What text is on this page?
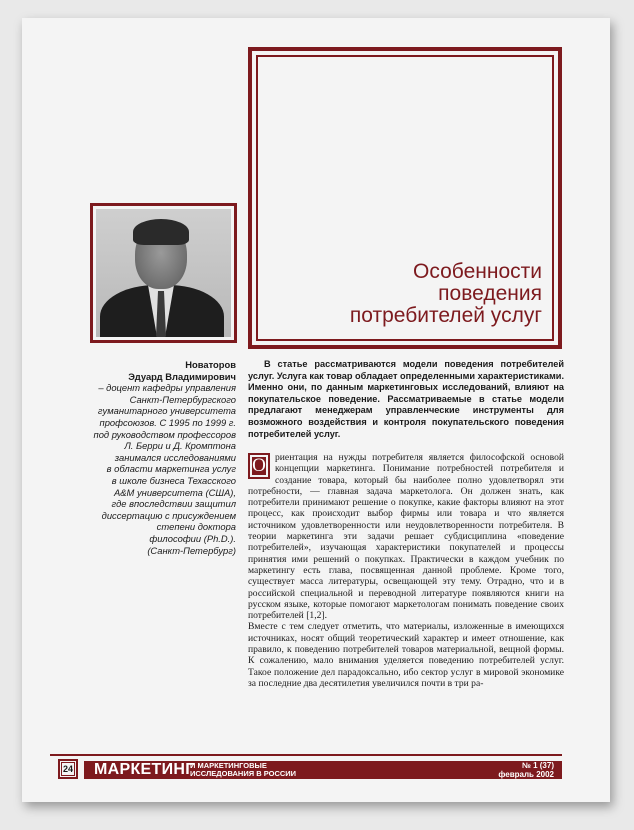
Особенности
поведения
потребителей услуг
Новаторов
Эдуард Владимирович
– доцент кафедры управления
Санкт-Петербургского
гуманитарного университета
профсоюзов. С 1995 по 1999 г.
под руководством профессоров
Л. Берри и Д. Кромптона
занимался исследованиями
в области маркетинга услуг
в школе бизнеса Техасского
A&M университета (США),
где впоследствии защитил
диссертацию с присуждением
степени доктора
философии (Ph.D.).
(Санкт-Петербург)

В статье рассматриваются модели поведения потребителей услуг. Услуга как товар обладает определенными характеристиками. Именно они, по данным маркетинговых исследований, влияют на покупательское поведение. Рассматриваемые в статье модели предлагают менеджерам управленческие инструменты для возможного воздействия и контроля покупательского поведения потребителей услуг.

О риентация на нужды потребителя является философской основой концепции маркетинга. Понимание потребностей потребителя и создание товара, который бы наиболее полно удовлетворял эти потребности, — главная задача маркетолога. Он должен знать, как потребители принимают решение о покупке, какие факторы влияют на этот процесс, как происходит выбор фирмы или товара и что является источником удовлетворенности или неудовлетворенности потребителя. В теории маркетинга эти задачи решает субдисциплина «поведение потребителей», изучающая характеристики покупателей и процессы принятия ими решений о покупках. Практически в каждом учебник по маркетингу есть глава, посвященная данной проблеме. Кроме того, существует масса литературы, освещающей эту тему. Отрадно, что и в российской специальной и переводной литературе появляются книги на русском языке, которые помогают маркетологам понимать поведение своих потребителей [1,2].

Вместе с тем следует отметить, что материалы, изложенные в имеющихся источниках, носят общий теоретический характер и имеет отношение, как правило, к поведению потребителей товаров материальной, вещной формы. К сожалению, мало внимания уделяется поведению потребителей услуг. Такое положение дел парадоксально, ибо сектор услуг в мировой экономике за последние два десятилетия увеличился почти в три ра-

24 МАРКЕТИНГ
И МАРКЕТИНГОВЫЕ
ИССЛЕДОВАНИЯ В РОССИИ
№ 1 (37)
февраль 2002
